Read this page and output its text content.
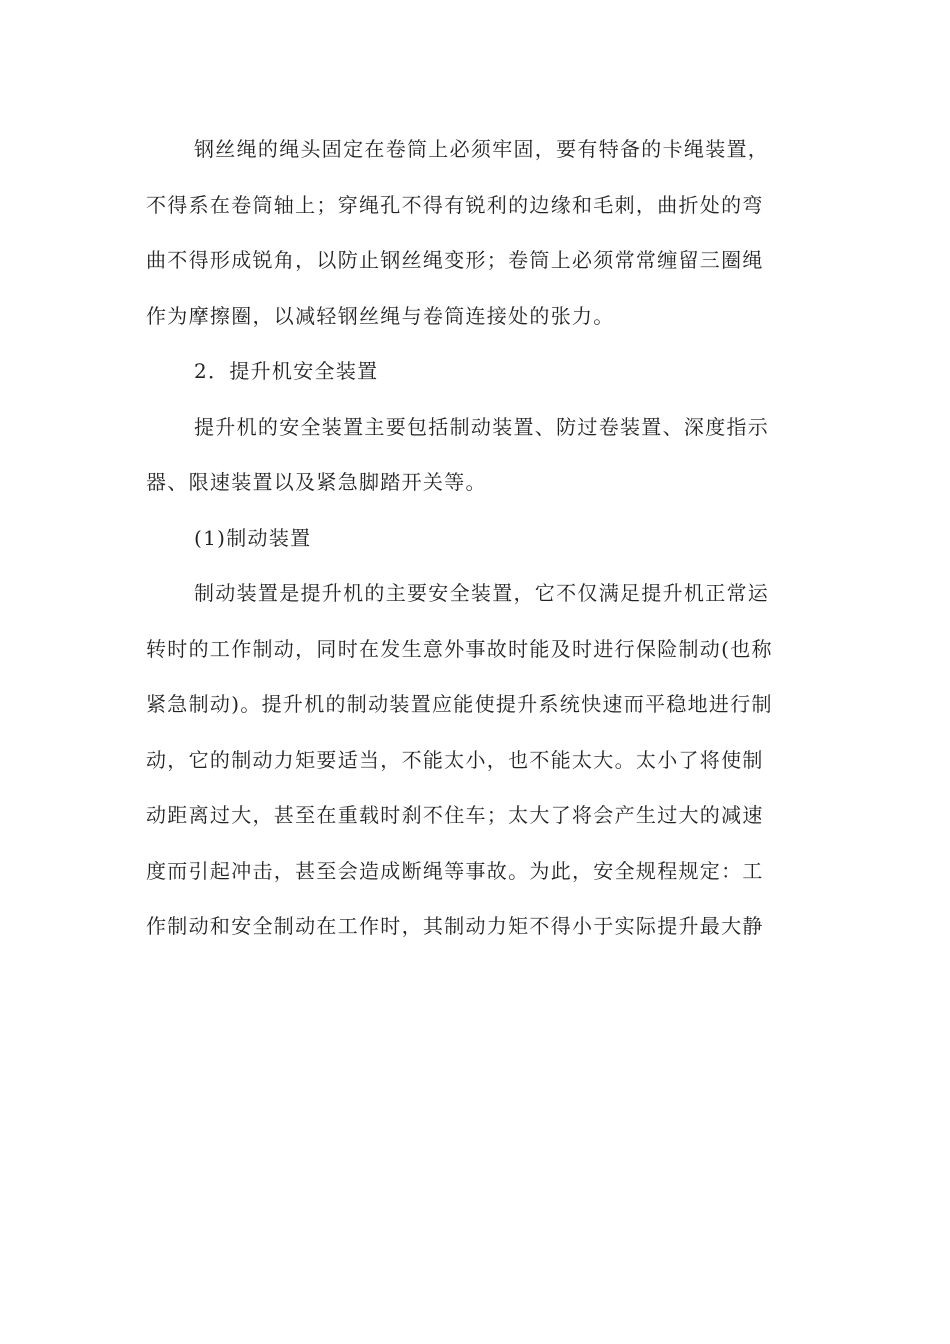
钢丝绳的绳头固定在卷筒上必须牢固，要有特备的卡绳装置，
不得系在卷筒轴上；穿绳孔不得有锐利的边缘和毛刺，曲折处的弯
曲不得形成锐角，以防止钢丝绳变形；卷筒上必须常常缠留三圈绳
作为摩擦圈，以减轻钢丝绳与卷筒连接处的张力。
2．提升机安全装置
提升机的安全装置主要包括制动装置、防过卷装置、深度指示
器、限速装置以及紧急脚踏开关等。
(1)制动装置
制动装置是提升机的主要安全装置，它不仅满足提升机正常运
转时的工作制动，同时在发生意外事故时能及时进行保险制动(也称
紧急制动)。提升机的制动装置应能使提升系统快速而平稳地进行制
动，它的制动力矩要适当，不能太小，也不能太大。太小了将使制
动距离过大，甚至在重载时刹不住车；太大了将会产生过大的减速
度而引起冲击，甚至会造成断绳等事故。为此，安全规程规定：工
作制动和安全制动在工作时，其制动力矩不得小于实际提升最大静
